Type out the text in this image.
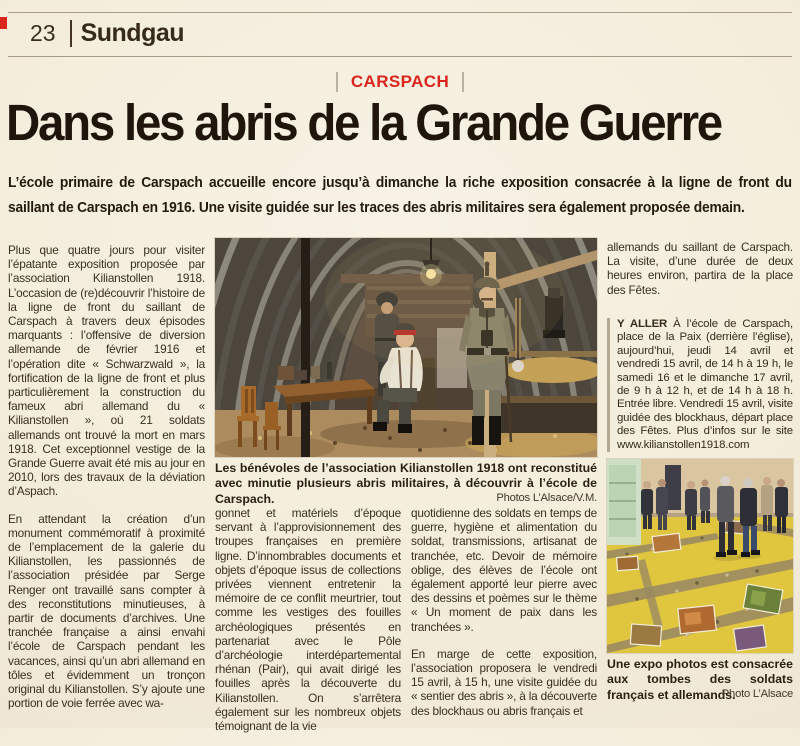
23 Sundgau
CARSPACH
Dans les abris de la Grande Guerre
L’école primaire de Carspach accueille encore jusqu’à dimanche la riche exposition consacrée à la ligne de front du saillant de Carspach en 1916. Une visite guidée sur les traces des abris militaires sera également proposée demain.

Plus que quatre jours pour visiter l’épatante exposition proposée par l’association Kilianstollen 1918. L’occasion de (re)découvrir l’histoire de la ligne de front du saillant de Carspach à travers deux épisodes marquants : l’offensive de diversion allemande de février 1916 et l’opération dite « Schwarzwald », la fortification de la ligne de front et plus particulièrement la construction du fameux abri allemand du « Kilianstollen », où 21 soldats allemands ont trouvé la mort en mars 1918. Cet exceptionnel vestige de la Grande Guerre avait été mis au jour en 2010, lors des travaux de la déviation d’Aspach.

En attendant la création d’un monument commémoratif à proximité de l’emplacement de la galerie du Kilianstollen, les passionnés de l’association présidée par Serge Renger ont travaillé sans compter à des reconstitutions minutieuses, à partir de documents d’archives. Une tranchée française a ainsi envahi l’école de Carspach pendant les vacances, ainsi qu’un abri allemand en tôles et évidemment un tronçon original du Kilianstollen. S’y ajoute une portion de voie ferrée avec wa-

Les bénévoles de l’association Kilianstollen 1918 ont reconstitué avec minutie plusieurs abris militaires, à découvrir à l’école de Carspach.	Photos L’Alsace/V.M.

gonnet et matériels d’époque servant à l’approvisionnement des troupes françaises en première ligne. D’innombrables documents et objets d’époque issus de collections privées viennent entretenir la mémoire de ce conflit meurtrier, tout comme les vestiges des fouilles archéologiques présentés en partenariat avec le Pôle d’archéologie interdépartemental rhénan (Pair), qui avait dirigé les fouilles après la découverte du Kilianstollen. On s’arrêtera également sur les nombreux objets témoignant de la vie

quotidienne des soldats en temps de guerre, hygiène et alimentation du soldat, transmissions, artisanat de tranchée, etc. Devoir de mémoire oblige, des élèves de l’école ont également apporté leur pierre avec des dessins et poèmes sur le thème « Un moment de paix dans les tranchées ».

En marge de cette exposition, l’association proposera le vendredi 15 avril, à 15 h, une visite guidée du « sentier des abris », à la découverte des blockhaus ou abris français et

allemands du saillant de Carspach. La visite, d’une durée de deux heures environ, partira de la place des Fêtes.

Y ALLER À l’école de Carspach, place de la Paix (derrière l’église), aujourd’hui, jeudi 14 avril et vendredi 15 avril, de 14 h à 19 h, le samedi 16 et le dimanche 17 avril, de 9 h à 12 h, et de 14 h à 18 h. Entrée libre. Vendredi 15 avril, visite guidée des blockhaus, départ place des Fêtes. Plus d’infos sur le site www.kilianstollen1918.com
Une expo photos est consacrée aux tombes des soldats français et allemands.
Photo L’Alsace
